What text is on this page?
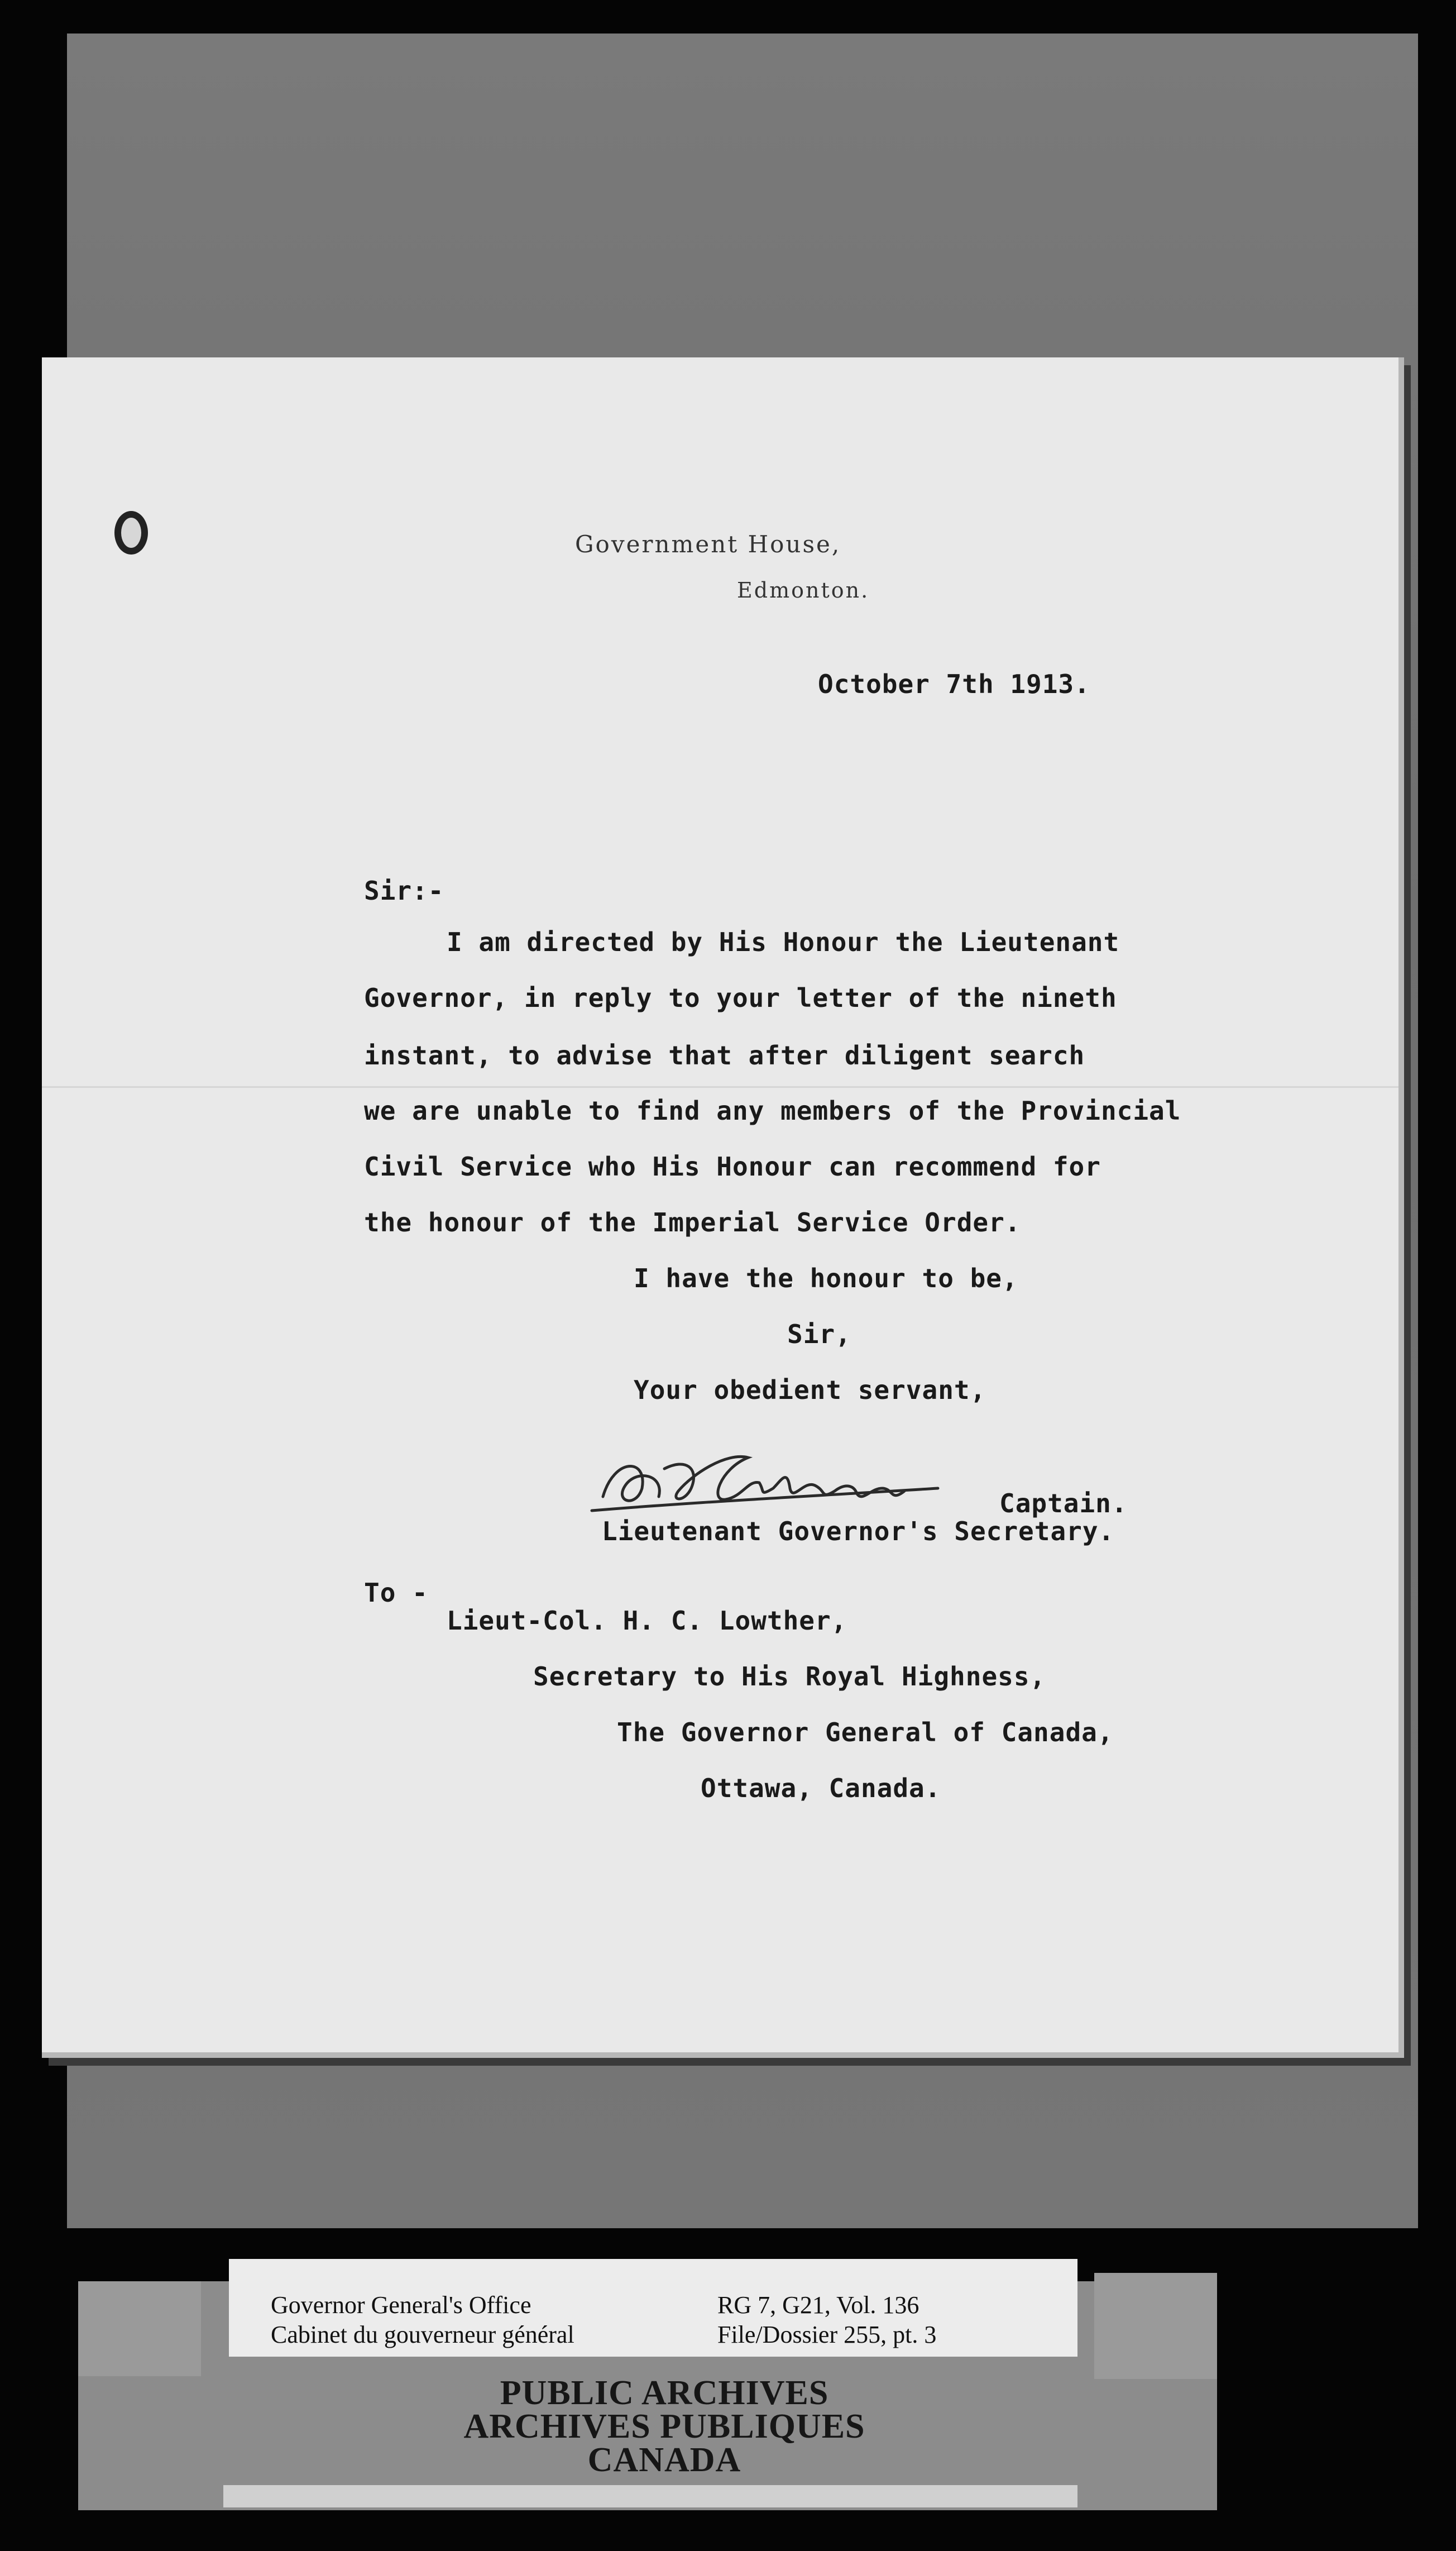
Government House,
Edmonton.
October 7th 1913.
Sir:-
I am directed by His Honour the Lieutenant
Governor, in reply to your letter of the nineth
instant, to advise that after diligent search
we are unable to find any members of the Provincial
Civil Service who His Honour can recommend for
the honour of the Imperial Service Order.
I have the honour to be,
Sir,
Your obedient servant,
Captain.
Lieutenant Governor's Secretary.
To -
Lieut-Col. H. C. Lowther,
Secretary to His Royal Highness,
The Governor General of Canada,
Ottawa, Canada.
Governor General's Office
Cabinet du gouverneur général
RG 7, G21, Vol. 136
File/Dossier 255, pt. 3
PUBLIC ARCHIVES
ARCHIVES PUBLIQUES
CANADA
